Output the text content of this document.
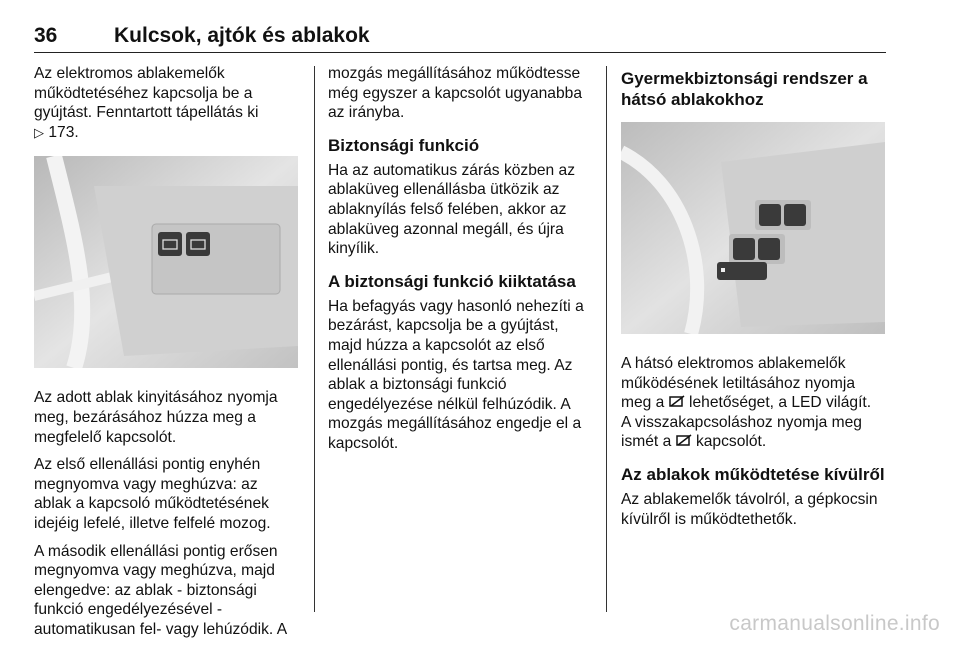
36	Kulcsok, ajtók és ablakok

Az elektromos ablakemelők
működtetéséhez kapcsolja be a
gyújtást. Fenntartott tápellátás ki
▷ 173.

Az adott ablak kinyitásához nyomja
meg, bezárásához húzza meg a
megfelelő kapcsolót.

Az első ellenállási pontig enyhén
megnyomva vagy meghúzva: az
ablak a kapcsoló működtetésének
idejéig lefelé, illetve felfelé mozog.

A második ellenállási pontig erősen
megnyomva vagy meghúzva, majd
elengedve: az ablak - biztonsági
funkció engedélyezésével -
automatikusan fel- vagy lehúzódik. A

mozgás megállításához működtesse
még egyszer a kapcsolót ugyanabba
az irányba.

Biztonsági funkció

Ha az automatikus zárás közben az
ablaküveg ellenállásba ütközik az
ablaknyílás felső felében, akkor az
ablaküveg azonnal megáll, és újra
kinyílik.

A biztonsági funkció kiiktatása

Ha befagyás vagy hasonló nehezíti a
bezárást, kapcsolja be a gyújtást,
majd húzza a kapcsolót az első
ellenállási pontig, és tartsa meg. Az
ablak a biztonsági funkció
engedélyezése nélkül felhúzódik. A
mozgás megállításához engedje el a
kapcsolót.

Gyermekbiztonsági rendszer a
hátsó ablakokhoz

A hátsó elektromos ablakemelők
működésének letiltásához nyomja
meg a lehetőséget, a LED világít.
A visszakapcsoláshoz nyomja meg
ismét a kapcsolót.

Az ablakok működtetése kívülről

Az ablakemelők távolról, a gépkocsin
kívülről is működtethetők.

carmanualsonline.info
